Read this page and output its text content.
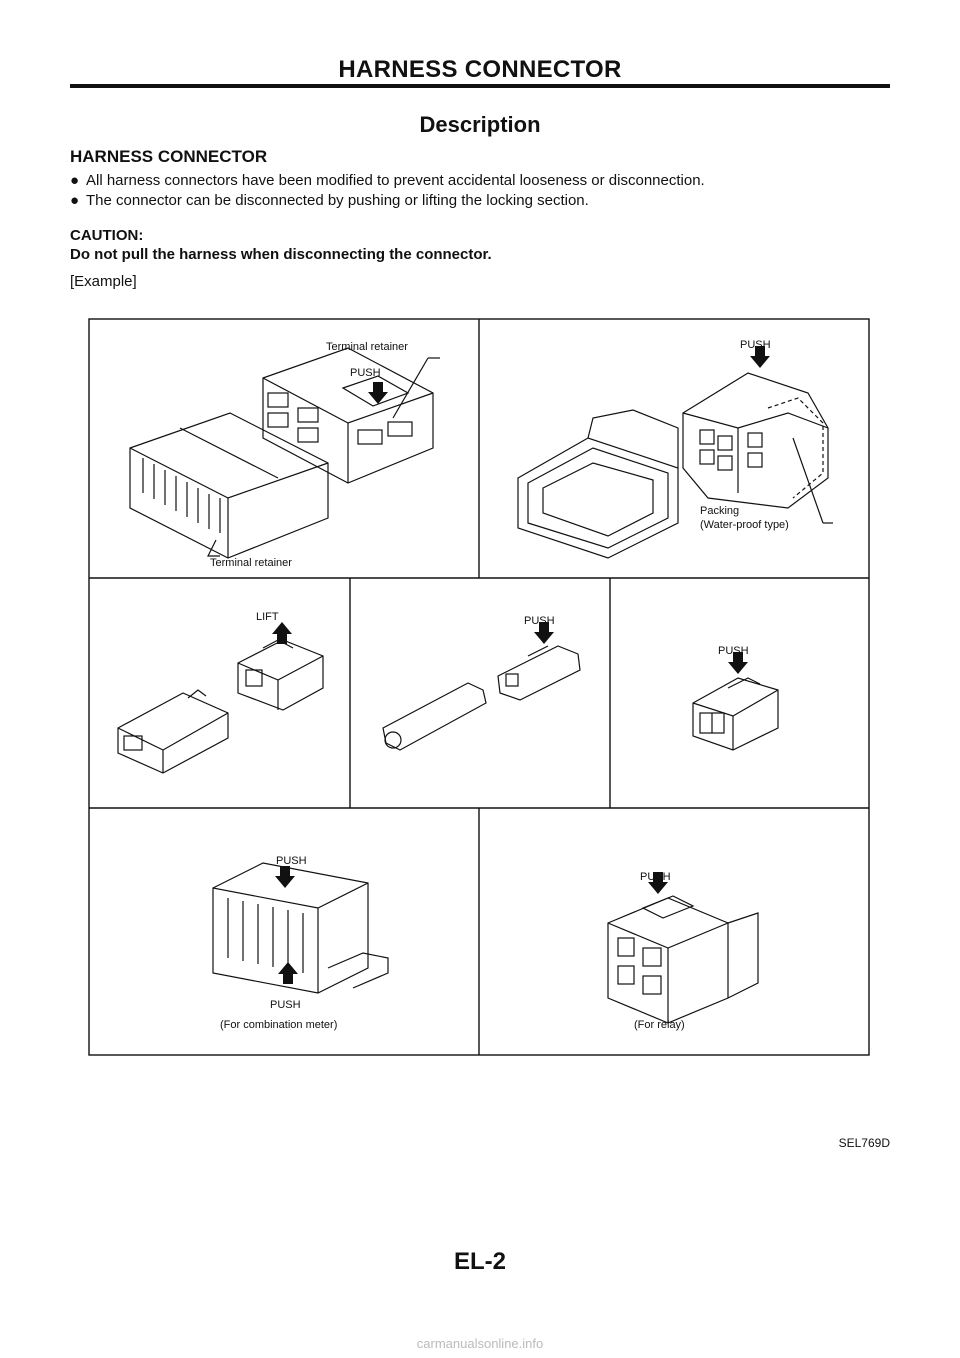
HARNESS CONNECTOR
Description
HARNESS CONNECTOR
● All harness connectors have been modified to prevent accidental looseness or disconnection.
● The connector can be disconnected by pushing or lifting the locking section.
CAUTION:
Do not pull the harness when disconnecting the connector.
[Example]
Terminal retainer
PUSH
Terminal retainer
PUSH
Packing
(Water-proof type)
LIFT	PUSH
PUSH
PUSH
PUSH
(For combination meter)
PUSH
(For relay)
SEL769D
EL-2
carmanualsonline.info
